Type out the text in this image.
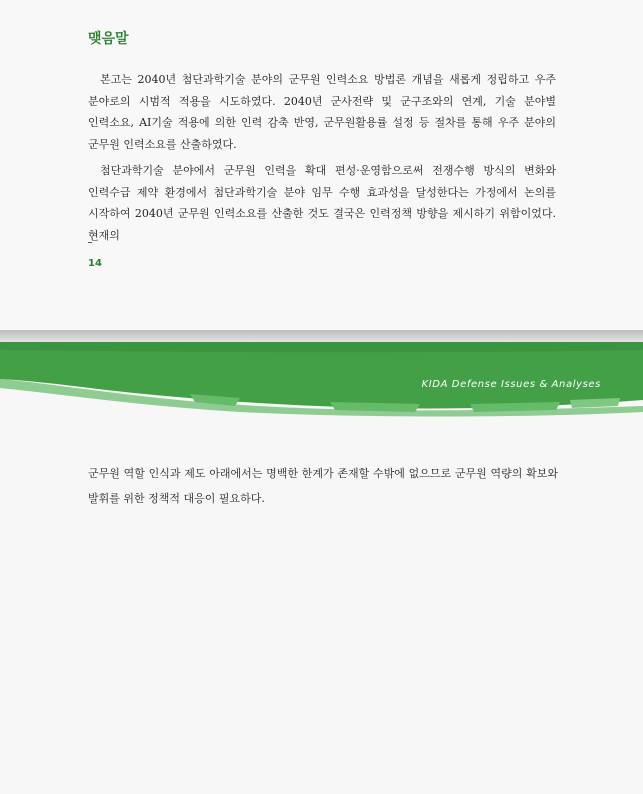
맺음말

본고는 2040년 첨단과학기술 분야의 군무원 인력소요 방법론 개념을 새롭게 정립하고 우주 분야로의 시범적 적용을 시도하였다. 2040년 군사전략 및 군구조와의 연계, 기술 분야별 인력소요, AI기술 적용에 의한 인력 감축 반영, 군무원활용률 설정 등 절차를 통해 우주 분야의 군무원 인력소요를 산출하였다.

첨단과학기술 분야에서 군무원 인력을 확대 편성·운영함으로써 전쟁수행 방식의 변화와 인력수급 제약 환경에서 첨단과학기술 분야 임무 수행 효과성을 달성한다는 가정에서 논의를 시작하여 2040년 군무원 인력소요를 산출한 것도 결국은 인력정책 방향을 제시하기 위함이었다. 현재의

14
KIDA Defense Issues & Analyses

군무원 역할 인식과 제도 아래에서는 명백한 한계가 존재할 수밖에 없으므로 군무원 역량의 확보와 발휘를 위한 정책적 대응이 필요하다.
